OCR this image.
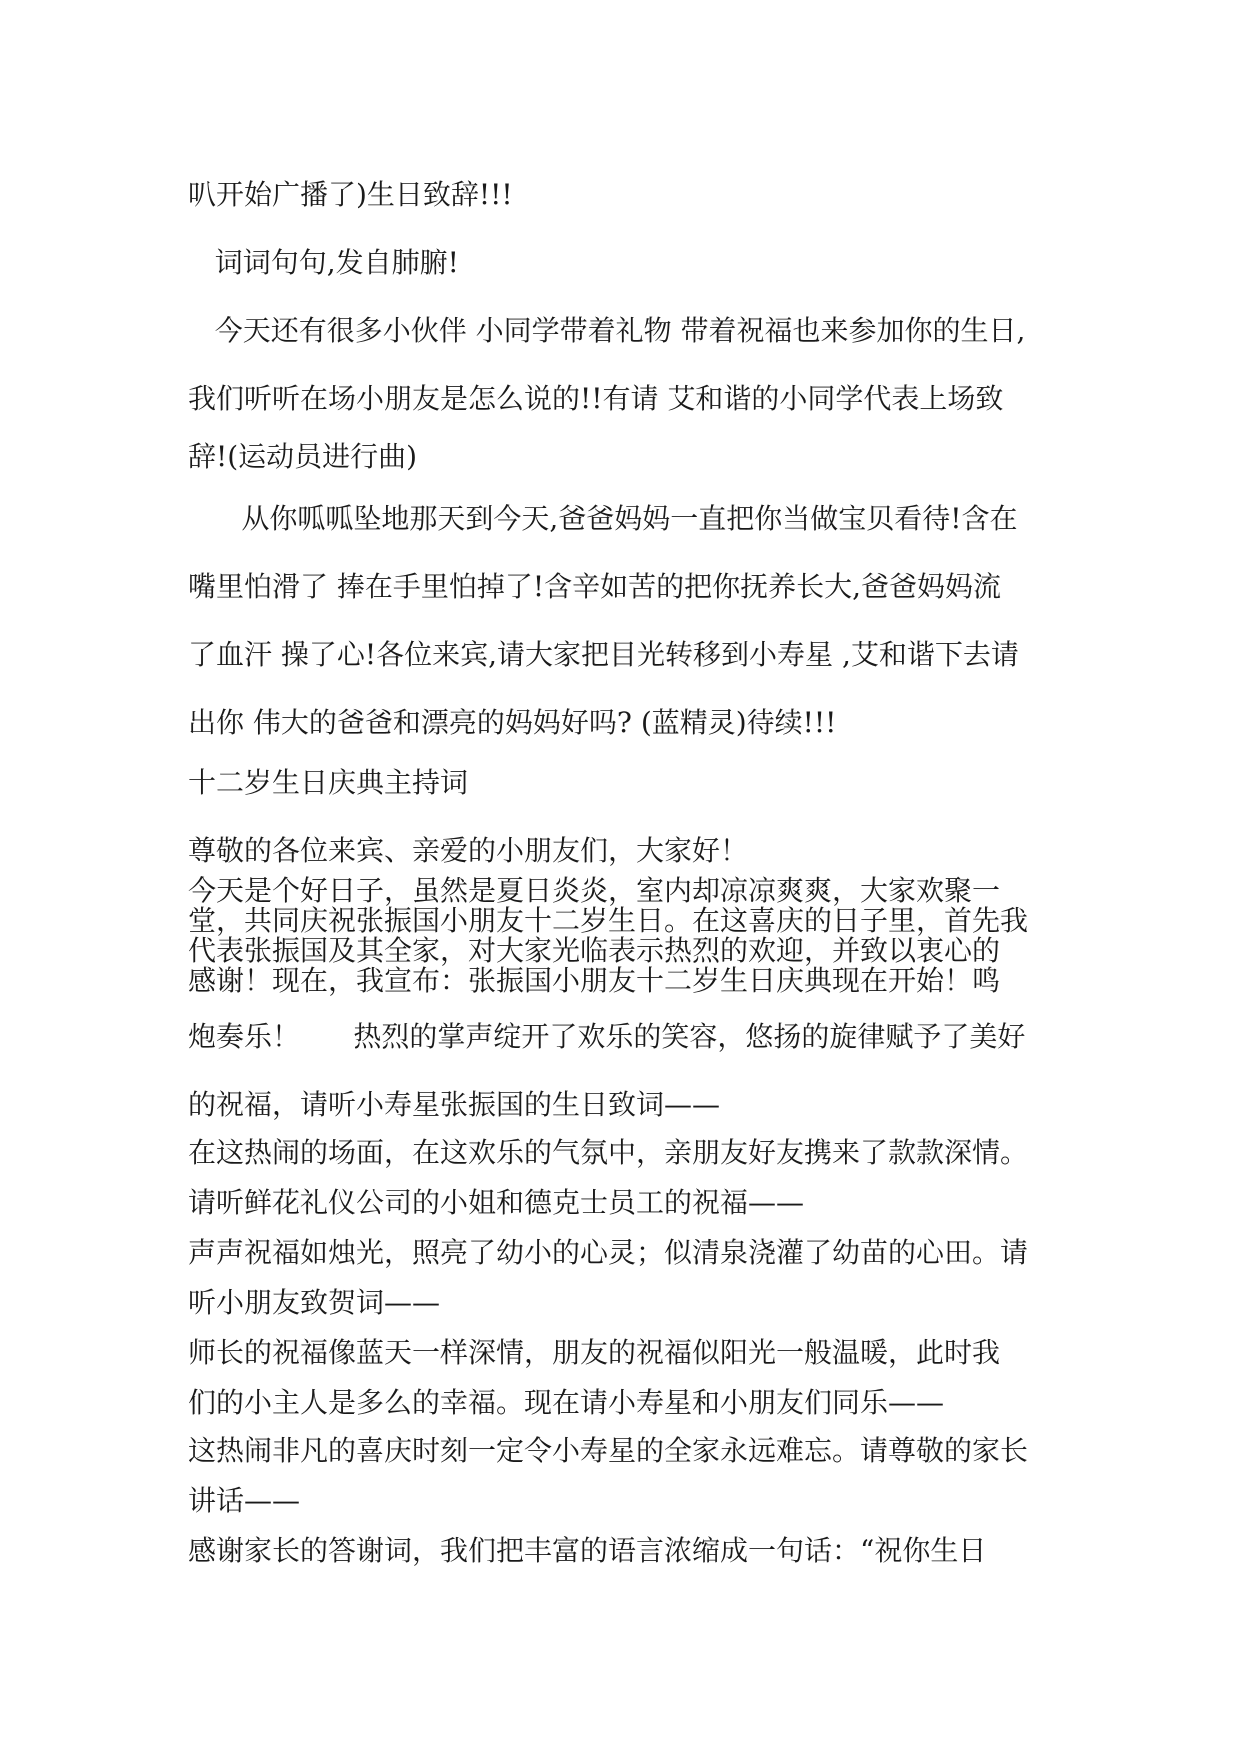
叭开始广播了)生日致辞!!!
词词句句,发自肺腑!
今天还有很多小伙伴 小同学带着礼物 带着祝福也来参加你的生日,
我们听听在场小朋友是怎么说的!!有请 艾和谐的小同学代表上场致
辞!(运动员进行曲)
从你呱呱坠地那天到今天,爸爸妈妈一直把你当做宝贝看待!含在
嘴里怕滑了 捧在手里怕掉了!含辛如苦的把你抚养长大,爸爸妈妈流
了血汗 操了心!各位来宾,请大家把目光转移到小寿星 ,艾和谐下去请
出你 伟大的爸爸和漂亮的妈妈好吗? (蓝精灵)待续!!!
十二岁生日庆典主持词
尊敬的各位来宾、亲爱的小朋友们，大家好！
今天是个好日子，虽然是夏日炎炎，室内却凉凉爽爽，大家欢聚一
堂，共同庆祝张振国小朋友十二岁生日。在这喜庆的日子里，首先我
代表张振国及其全家，对大家光临表示热烈的欢迎，并致以衷心的
感谢！现在，我宣布：张振国小朋友十二岁生日庆典现在开始！鸣
炮奏乐！      热烈的掌声绽开了欢乐的笑容，悠扬的旋律赋予了美好
的祝福，请听小寿星张振国的生日致词——
在这热闹的场面，在这欢乐的气氛中，亲朋友好友携来了款款深情。
请听鲜花礼仪公司的小姐和德克士员工的祝福——
声声祝福如烛光，照亮了幼小的心灵；似清泉浇灌了幼苗的心田。请
听小朋友致贺词——
师长的祝福像蓝天一样深情，朋友的祝福似阳光一般温暖，此时我
们的小主人是多么的幸福。现在请小寿星和小朋友们同乐——
这热闹非凡的喜庆时刻一定令小寿星的全家永远难忘。请尊敬的家长
讲话——
感谢家长的答谢词，我们把丰富的语言浓缩成一句话：“祝你生日
